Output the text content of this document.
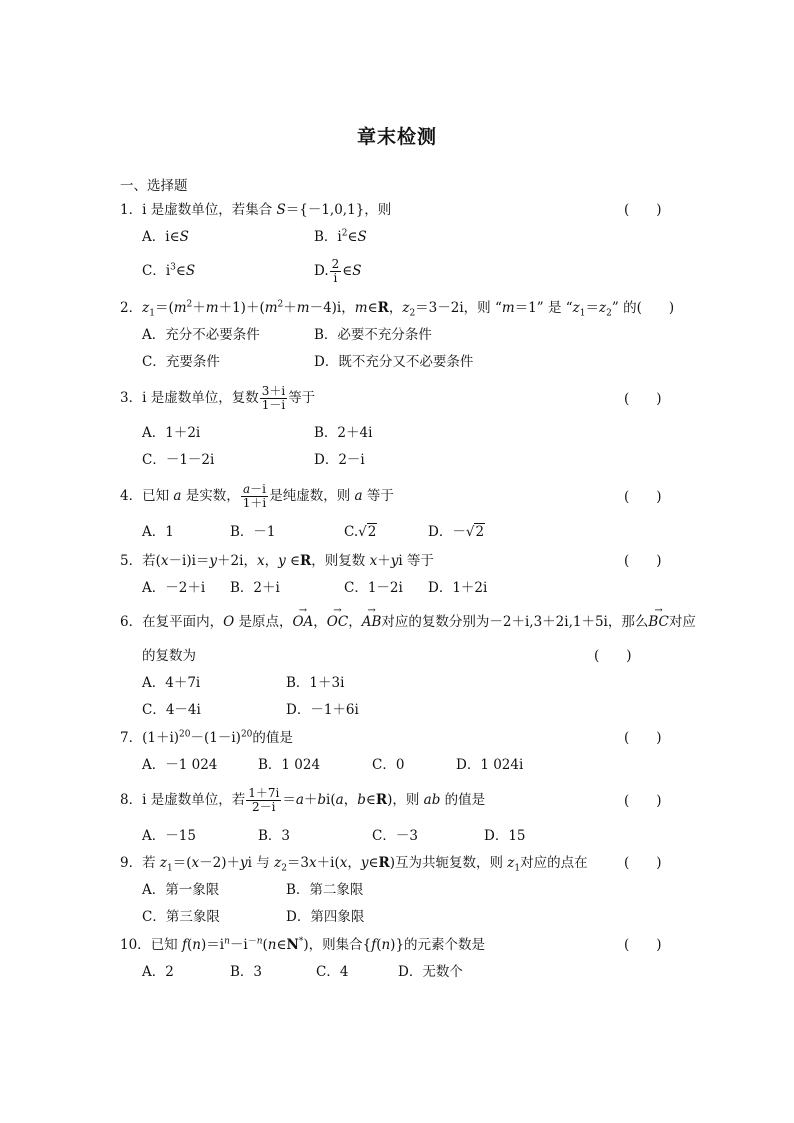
章末检测
一、选择题
1．i 是虚数单位，若集合 S＝{－1,0,1}，则	(　　)
A．i∈S	B．$i^2\in S$
C．$i^3\in S$	D. $\frac{2}{i}$ ∈S
2．$z_1=(m^2+m+1)+(m^2+m-4)i$，m∈R，$z_2=3-2i$，则 “m＝1” 是 “$z_1=z_2$” 的(　　)
A．充分不必要条件	B．必要不充分条件
C．充要条件	D．既不充分又不必要条件
3．i 是虚数单位，复数 $\frac{3+i}{1-i}$ 等于	(　　)
A．1＋2i	B．2＋4i
C．－1－2i	D．2－i
4．已知 a 是实数， $\frac{a-i}{1+i}$ 是纯虚数，则 a 等于	(　　)
A．1	B．－1	C.√2	D．－√2
5．若(x－i)i＝y＋2i，x，y ∈R，则复数 x＋yi 等于	(　　)
A．－2＋i B．2＋i	C．1－2i D．1＋2i
6．在复平面内，O 是原点，→ OA，→ OC，→ AB对应的复数分别为－2＋i,3＋2i,1＋5i，那么→ BC对应
的复数为	(　　)
A．4＋7i	B．1＋3i
C．4－4i	D．－1＋6i
7．$(1+i)^{20}-(1-i)^{20}$的值是	(　　)
A．－1 024	B．1 024	C．0	D．1 024i
8．i 是虚数单位，若 $\frac{1+7i}{2-i} =a+bi(a$，b∈R)，则 ab 的值是	(　　)
A．－15	B．3	C．－3	D．15
9．若 $z_1=(x-2)+yi$ 与 $z_2=3x+i(x$，y∈R)互为共轭复数，则 $z_1$对应的点在	(　　)
A．第一象限	B．第二象限
C．第三象限	D．第四象限
10．已知 $f(n)=i^n-i^{-n}(n\in N^*)$，则集合{f(n)}的元素个数是	(　　)
A．2	B．3	C．4	D．无数个
